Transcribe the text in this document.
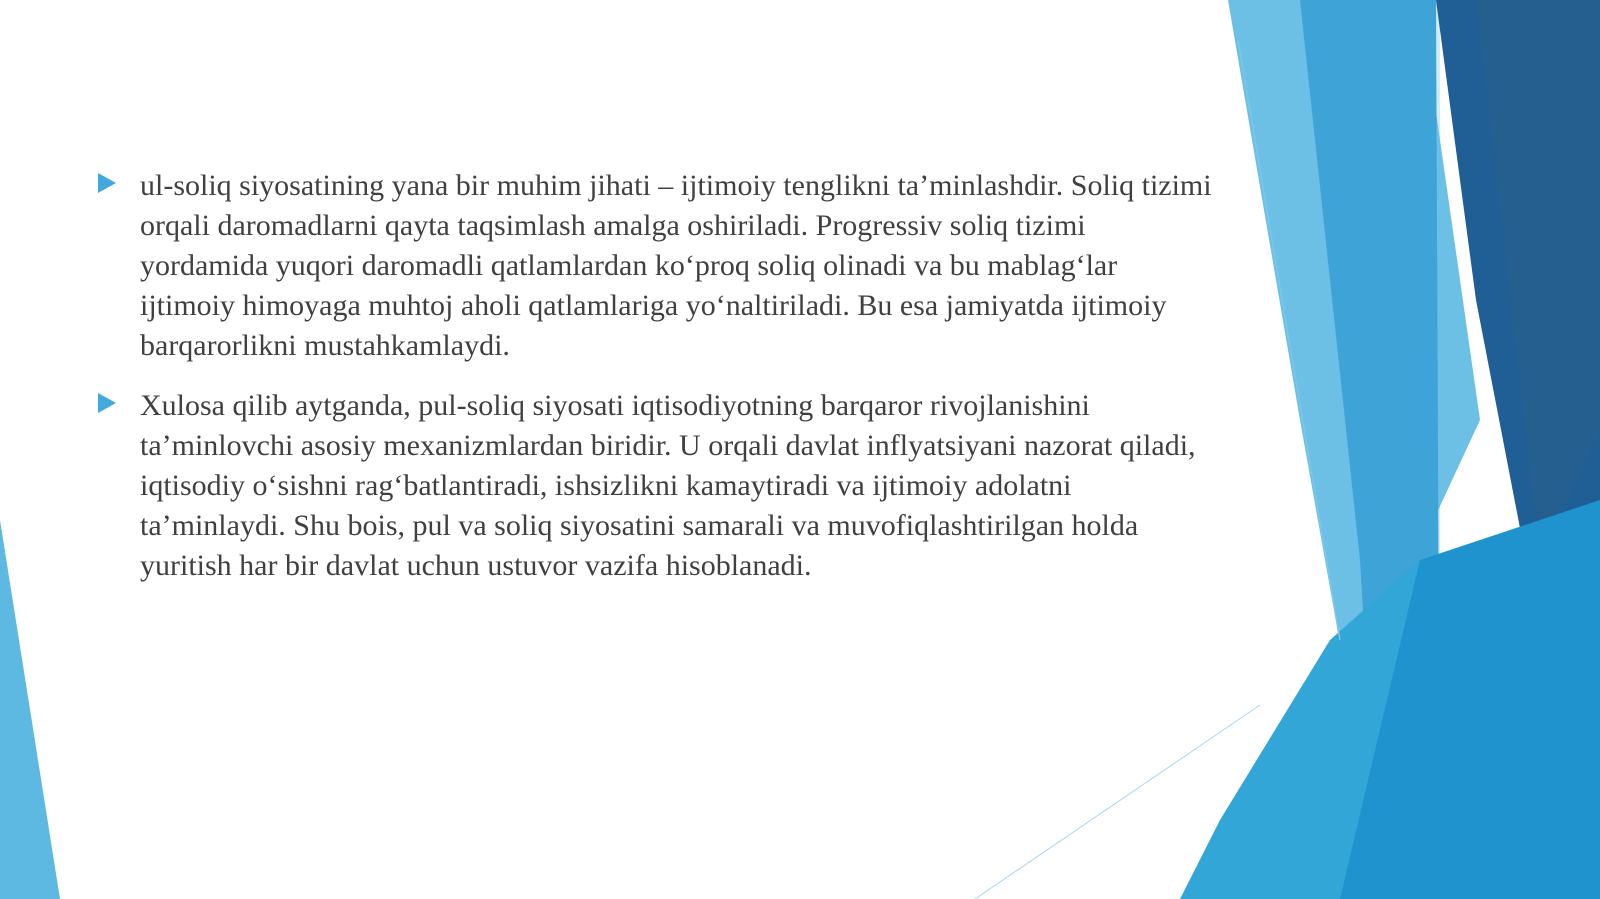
ul-soliq siyosatining yana bir muhim jihati – ijtimoiy tenglikni ta’minlashdir. Soliq tizimi orqali daromadlarni qayta taqsimlash amalga oshiriladi. Progressiv soliq tizimi yordamida yuqori daromadli qatlamlardan ko‘proq soliq olinadi va bu mablag‘lar ijtimoiy himoyaga muhtoj aholi qatlamlariga yo‘naltiriladi. Bu esa jamiyatda ijtimoiy barqarorlikni mustahkamlaydi.

Xulosa qilib aytganda, pul-soliq siyosati iqtisodiyotning barqaror rivojlanishini ta’minlovchi asosiy mexanizmlardan biridir. U orqali davlat inflyatsiyani nazorat qiladi, iqtisodiy o‘sishni rag‘batlantiradi, ishsizlikni kamaytiradi va ijtimoiy adolatni ta’minlaydi. Shu bois, pul va soliq siyosatini samarali va muvofiqlashtirilgan holda yuritish har bir davlat uchun ustuvor vazifa hisoblanadi.
